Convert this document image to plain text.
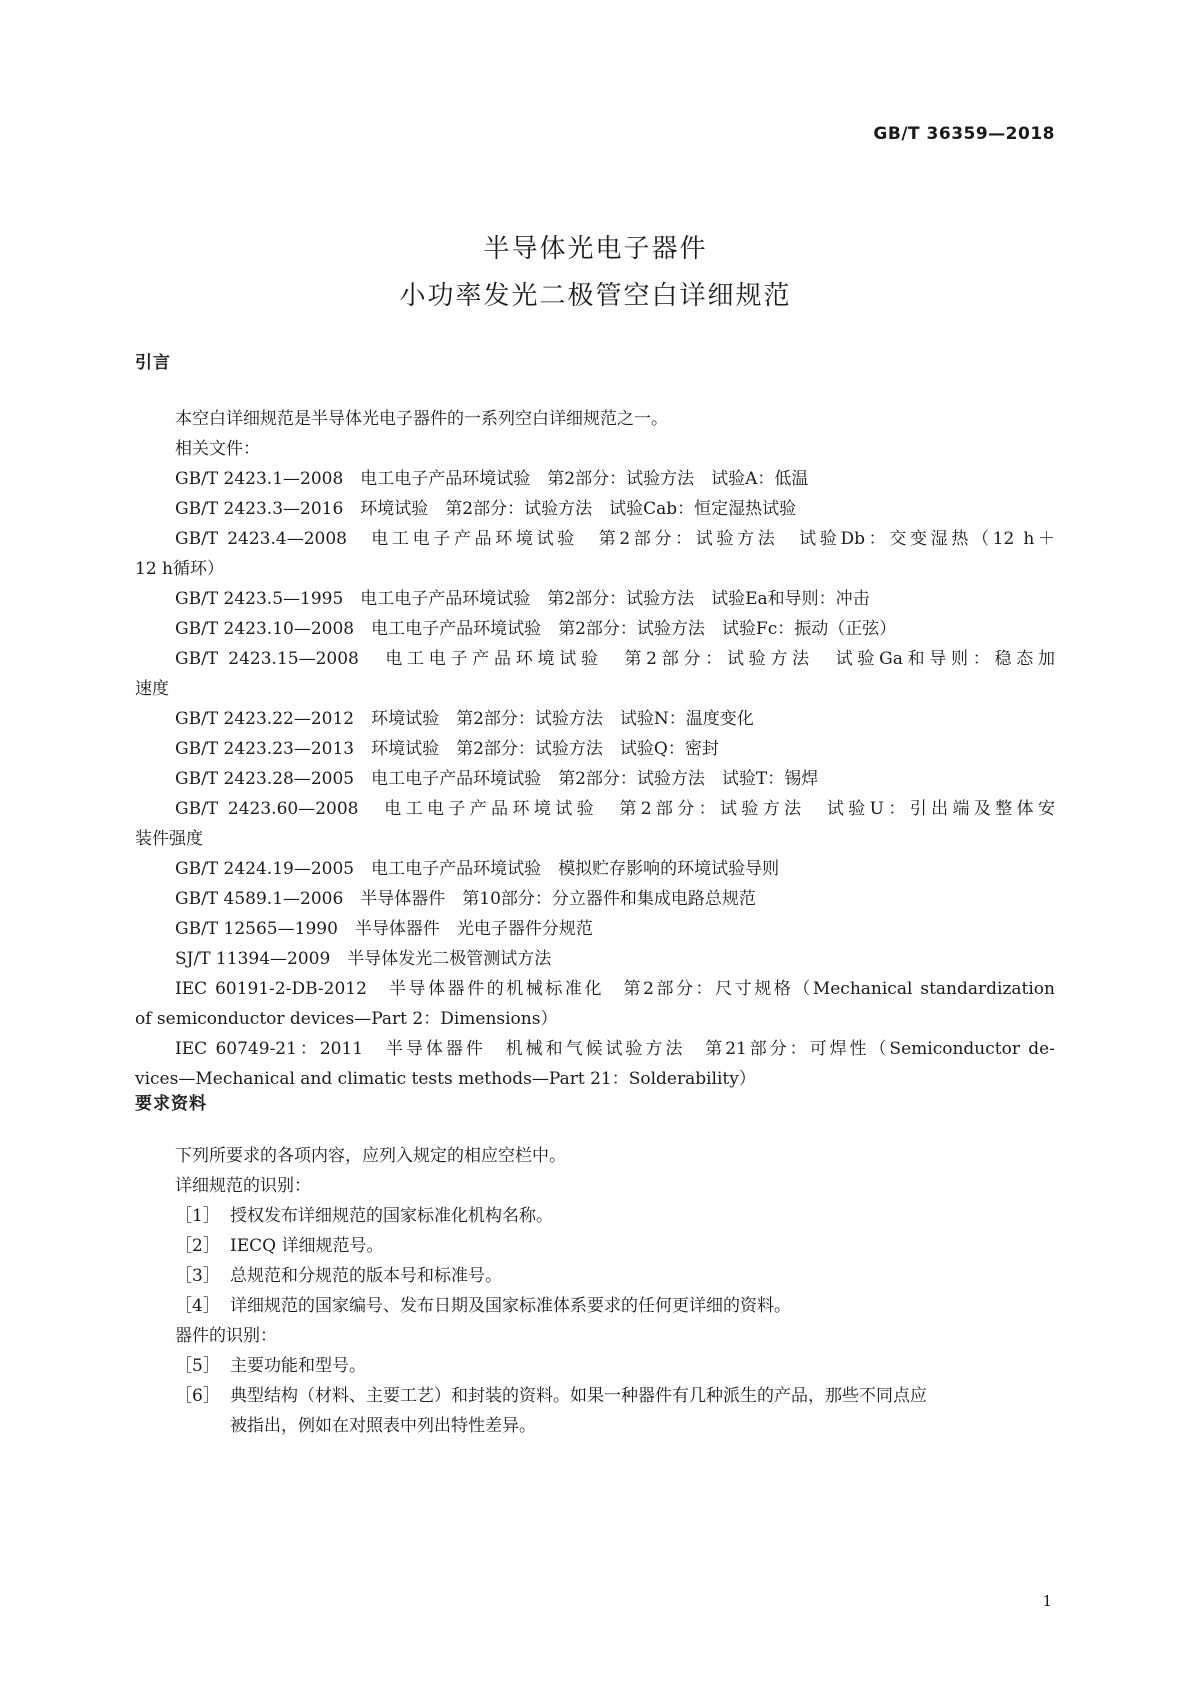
GB/T 36359—2018
半导体光电子器件
小功率发光二极管空白详细规范
引言
本空白详细规范是半导体光电子器件的一系列空白详细规范之一。
相关文件：
GB/T 2423.1—2008　电工电子产品环境试验　第2部分：试验方法　试验A：低温
GB/T 2423.3—2016　环境试验　第2部分：试验方法　试验Cab：恒定湿热试验
GB/T 2423.4—2008　电工电子产品环境试验　第2部分：试验方法　试验Db：交变湿热（12 h＋
12 h循环）
GB/T 2423.5—1995　电工电子产品环境试验　第2部分：试验方法　试验Ea和导则：冲击
GB/T 2423.10—2008　电工电子产品环境试验　第2部分：试验方法　试验Fc：振动（正弦）
GB/T 2423.15—2008　电工电子产品环境试验　第2部分：试验方法　试验Ga和导则：稳态加
速度
GB/T 2423.22—2012　环境试验　第2部分：试验方法　试验N：温度变化
GB/T 2423.23—2013　环境试验　第2部分：试验方法　试验Q：密封
GB/T 2423.28—2005　电工电子产品环境试验　第2部分：试验方法　试验T：锡焊
GB/T 2423.60—2008　电工电子产品环境试验　第2部分：试验方法　试验U：引出端及整体安
装件强度
GB/T 2424.19—2005　电工电子产品环境试验　模拟贮存影响的环境试验导则
GB/T 4589.1—2006　半导体器件　第10部分：分立器件和集成电路总规范
GB/T 12565—1990　半导体器件　光电子器件分规范
SJ/T 11394—2009　半导体发光二极管测试方法
IEC 60191-2-DB-2012　半导体器件的机械标准化　第2部分：尺寸规格（Mechanical standardization
of semiconductor devices—Part 2：Dimensions）
IEC 60749-21：2011　半导体器件　机械和气候试验方法　第21部分：可焊性（Semiconductor de-
vices—Mechanical and climatic tests methods—Part 21：Solderability）
要求资料
下列所要求的各项内容，应列入规定的相应空栏中。
详细规范的识别：
［1］ 授权发布详细规范的国家标准化机构名称。
［2］ IECQ 详细规范号。
［3］ 总规范和分规范的版本号和标准号。
［4］ 详细规范的国家编号、发布日期及国家标准体系要求的任何更详细的资料。
器件的识别：
［5］ 主要功能和型号。
［6］ 典型结构（材料、主要工艺）和封装的资料。如果一种器件有几种派生的产品，那些不同点应
被指出，例如在对照表中列出特性差异。
1
